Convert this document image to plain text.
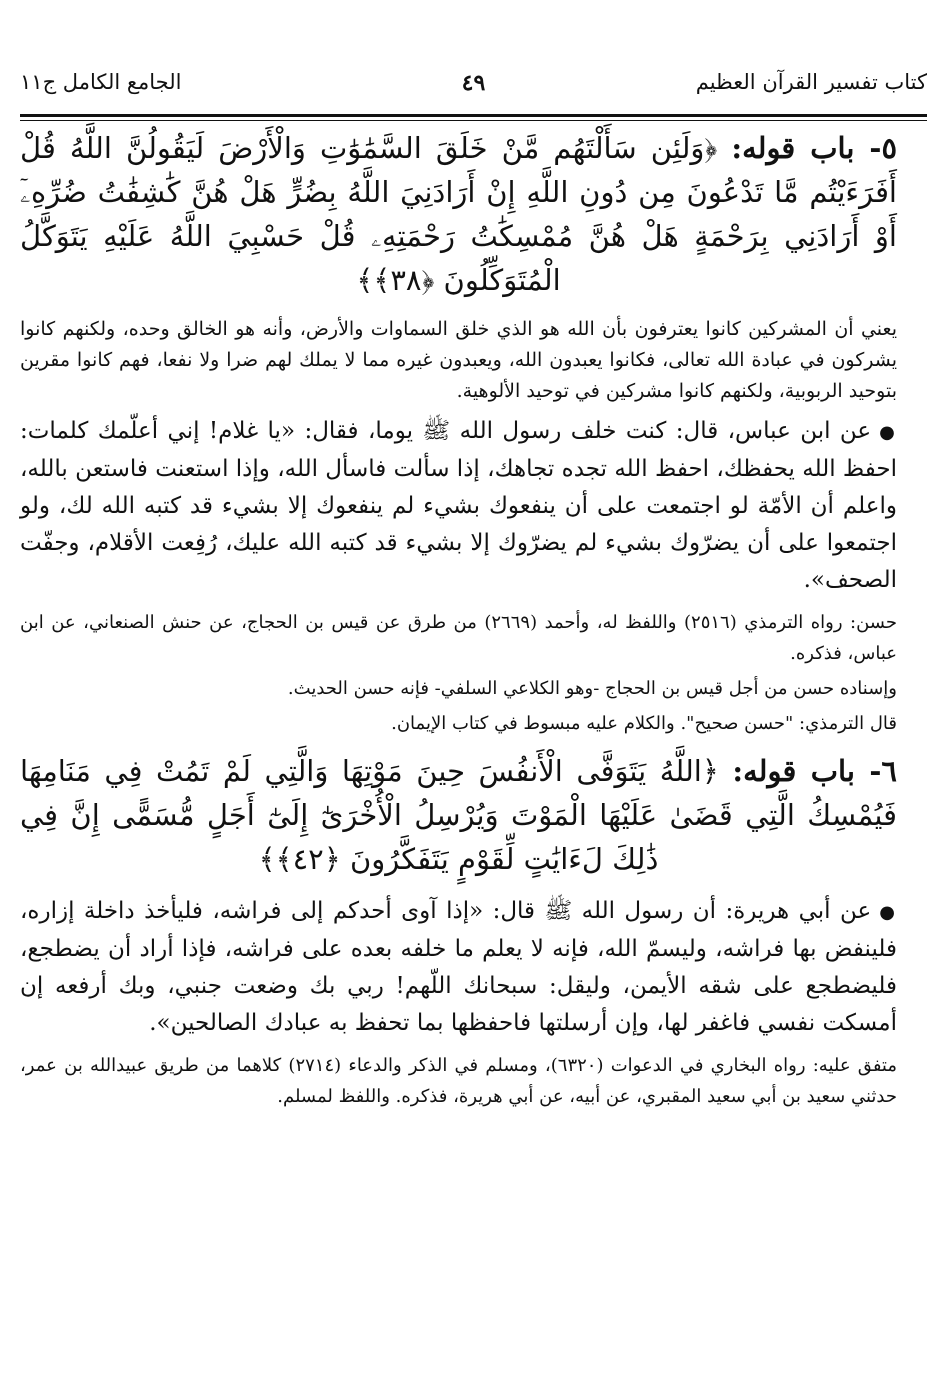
كتاب تفسير القرآن العظيم
٤٩
الجامع الكامل ج١١

٥- باب قوله: ﴿وَلَئِن سَأَلْتَهُم مَّنْ خَلَقَ السَّمَٰوَٰتِ وَالْأَرْضَ لَيَقُولُنَّ اللَّهُ قُلْ أَفَرَءَيْتُم مَّا تَدْعُونَ مِن دُونِ اللَّهِ إِنْ أَرَادَنِيَ اللَّهُ بِضُرٍّ هَلْ هُنَّ كَٰشِفَٰتُ ضُرِّهِۦٓ أَوْ أَرَادَنِي بِرَحْمَةٍ هَلْ هُنَّ مُمْسِكَٰتُ رَحْمَتِهِۦ قُلْ حَسْبِيَ اللَّهُ عَلَيْهِ يَتَوَكَّلُ الْمُتَوَكِّلُونَ ﴿٣٨﴾﴾

يعني أن المشركين كانوا يعترفون بأن الله هو الذي خلق السماوات والأرض، وأنه هو الخالق وحده، ولكنهم كانوا يشركون في عبادة الله تعالى، فكانوا يعبدون الله، ويعبدون غيره مما لا يملك لهم ضرا ولا نفعا، فهم كانوا مقرين بتوحيد الربوبية، ولكنهم كانوا مشركين في توحيد الألوهية.

●عن ابن عباس، قال: كنت خلف رسول الله ﷺ يوما، فقال: «يا غلام! إني أعلّمك كلمات: احفظ الله يحفظك، احفظ الله تجده تجاهك، إذا سألت فاسأل الله، وإذا استعنت فاستعن بالله، واعلم أن الأمّة لو اجتمعت على أن ينفعوك بشيء لم ينفعوك إلا بشيء قد كتبه الله لك، ولو اجتمعوا على أن يضرّوك بشيء لم يضرّوك إلا بشيء قد كتبه الله عليك، رُفِعت الأقلام، وجفّت الصحف».

حسن: رواه الترمذي (٢٥١٦) واللفظ له، وأحمد (٢٦٦٩) من طرق عن قيس بن الحجاج، عن حنش الصنعاني، عن ابن عباس، فذكره.

وإسناده حسن من أجل قيس بن الحجاج -وهو الكلاعي السلفي- فإنه حسن الحديث.

قال الترمذي: "حسن صحيح". والكلام عليه مبسوط في كتاب الإيمان.

٦- باب قوله: ﴿اللَّهُ يَتَوَفَّى الْأَنفُسَ حِينَ مَوْتِهَا وَالَّتِي لَمْ تَمُتْ فِي مَنَامِهَا فَيُمْسِكُ الَّتِي قَضَىٰ عَلَيْهَا الْمَوْتَ وَيُرْسِلُ الْأُخْرَىٰٓ إِلَىٰٓ أَجَلٍ مُّسَمًّى إِنَّ فِي ذَٰلِكَ لَءَايَٰتٍ لِّقَوْمٍ يَتَفَكَّرُونَ ﴿٤٢﴾﴾

●عن أبي هريرة: أن رسول الله ﷺ قال: «إذا آوى أحدكم إلى فراشه، فليأخذ داخلة إزاره، فلينفض بها فراشه، وليسمّ الله، فإنه لا يعلم ما خلفه بعده على فراشه، فإذا أراد أن يضطجع، فليضطجع على شقه الأيمن، وليقل: سبحانك اللّهم! ربي بك وضعت جنبي، وبك أرفعه إن أمسكت نفسي فاغفر لها، وإن أرسلتها فاحفظها بما تحفظ به عبادك الصالحين».

متفق عليه: رواه البخاري في الدعوات (٦٣٢٠)، ومسلم في الذكر والدعاء (٢٧١٤) كلاهما من طريق عبيدالله بن عمر، حدثني سعيد بن أبي سعيد المقبري، عن أبيه، عن أبي هريرة، فذكره. واللفظ لمسلم.
